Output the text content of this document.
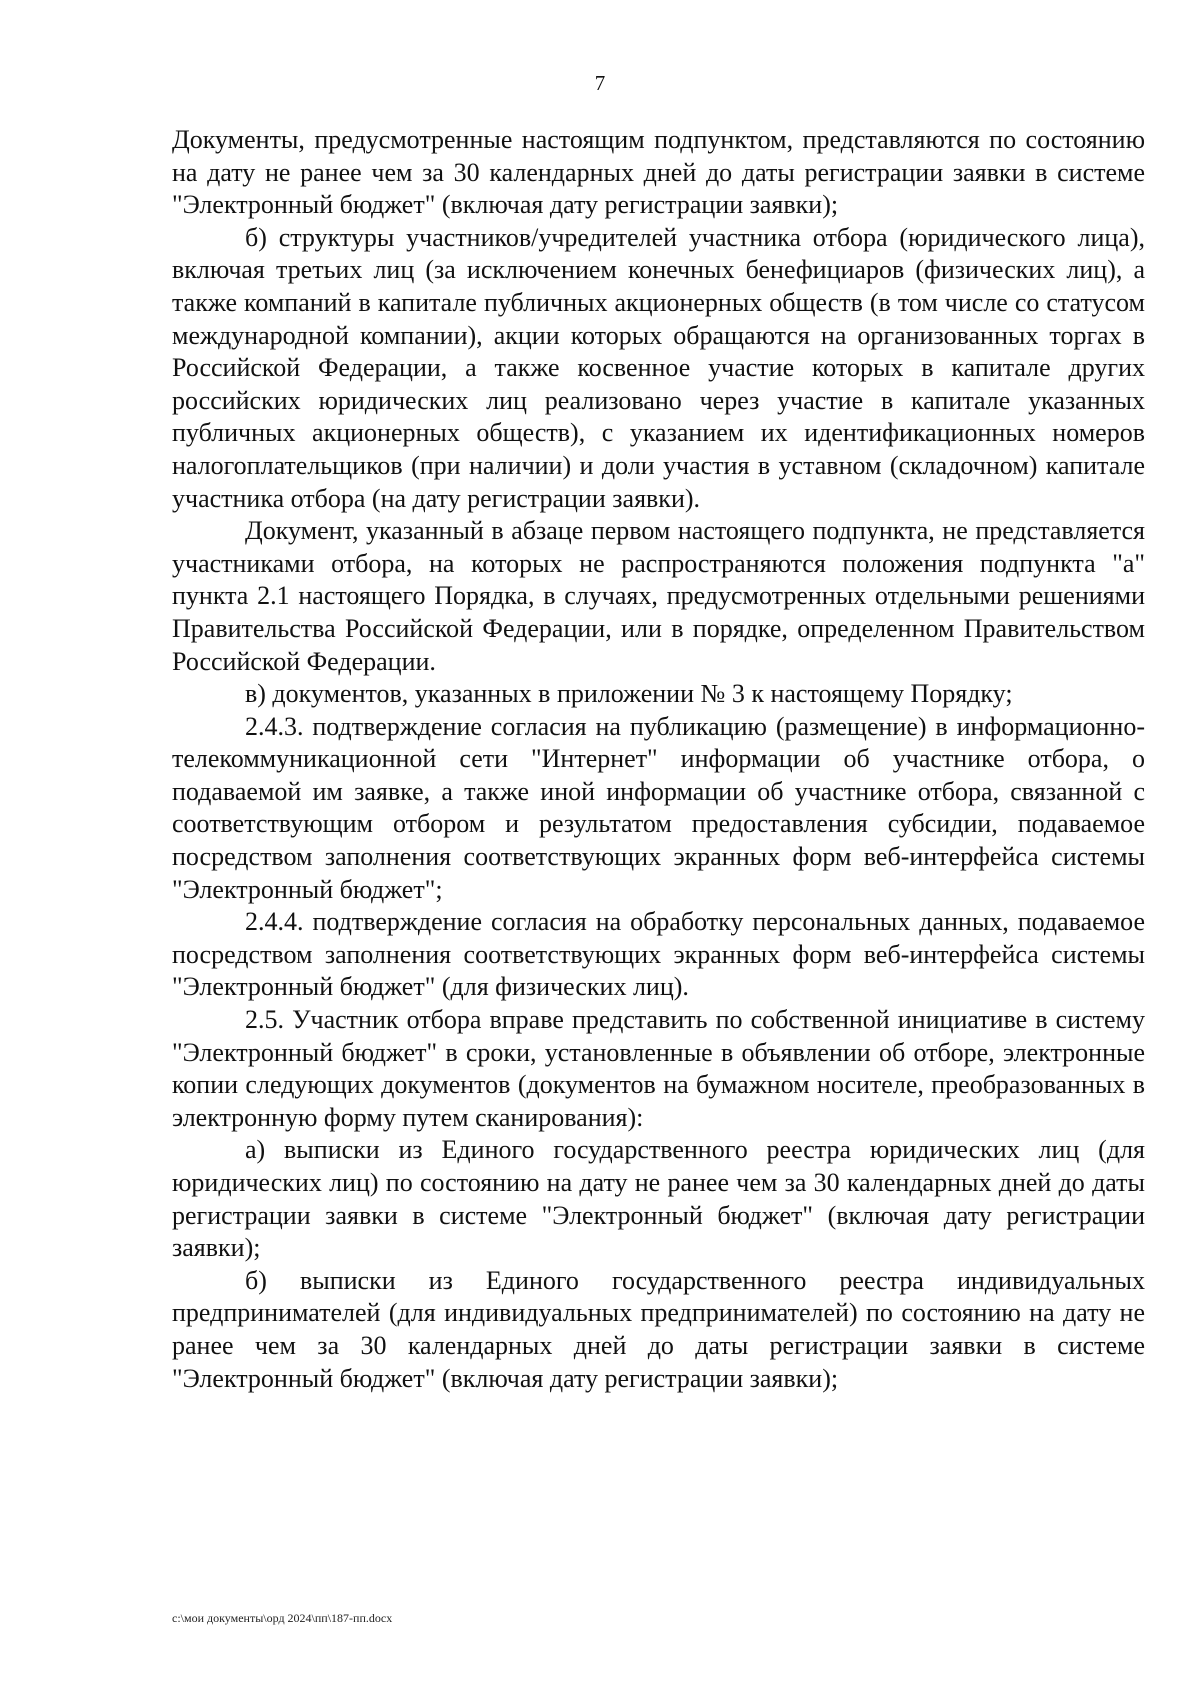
7

Документы, предусмотренные настоящим подпунктом, представляются по состоянию на дату не ранее чем за 30 календарных дней до даты регистрации заявки в системе "Электронный бюджет" (включая дату регистрации заявки);

б) структуры участников/учредителей участника отбора (юридического лица), включая третьих лиц (за исключением конечных бенефициаров (физических лиц), а также компаний в капитале публичных акционерных обществ (в том числе со статусом международной компании), акции которых обращаются на организованных торгах в Российской Федерации, а также косвенное участие которых в капитале других российских юридических лиц реализовано через участие в капитале указанных публичных акционерных обществ), с указанием их идентификационных номеров налогоплательщиков (при наличии) и доли участия в уставном (складочном) капитале участника отбора (на дату регистрации заявки).

Документ, указанный в абзаце первом настоящего подпункта, не представляется участниками отбора, на которых не распространяются положения подпункта "а" пункта 2.1 настоящего Порядка, в случаях, предусмотренных отдельными решениями Правительства Российской Федерации, или в порядке, определенном Правительством Российской Федерации.

в) документов, указанных в приложении № 3 к настоящему Порядку;

2.4.3. подтверждение согласия на публикацию (размещение) в информационно-телекоммуникационной сети "Интернет" информации об участнике отбора, о подаваемой им заявке, а также иной информации об участнике отбора, связанной с соответствующим отбором и результатом предоставления субсидии, подаваемое посредством заполнения соответствующих экранных форм веб-интерфейса системы "Электронный бюджет";

2.4.4. подтверждение согласия на обработку персональных данных, подаваемое посредством заполнения соответствующих экранных форм веб-интерфейса системы "Электронный бюджет" (для физических лиц).

2.5. Участник отбора вправе представить по собственной инициативе в систему "Электронный бюджет" в сроки, установленные в объявлении об отборе, электронные копии следующих документов (документов на бумажном носителе, преобразованных в электронную форму путем сканирования):

а) выписки из Единого государственного реестра юридических лиц (для юридических лиц) по состоянию на дату не ранее чем за 30 календарных дней до даты регистрации заявки в системе "Электронный бюджет" (включая дату регистрации заявки);

б) выписки из Единого государственного реестра индивидуальных предпринимателей (для индивидуальных предпринимателей) по состоянию на дату не ранее чем за 30 календарных дней до даты регистрации заявки в системе "Электронный бюджет" (включая дату регистрации заявки);

c:\мои документы\орд 2024\пп\187-пп.docx
